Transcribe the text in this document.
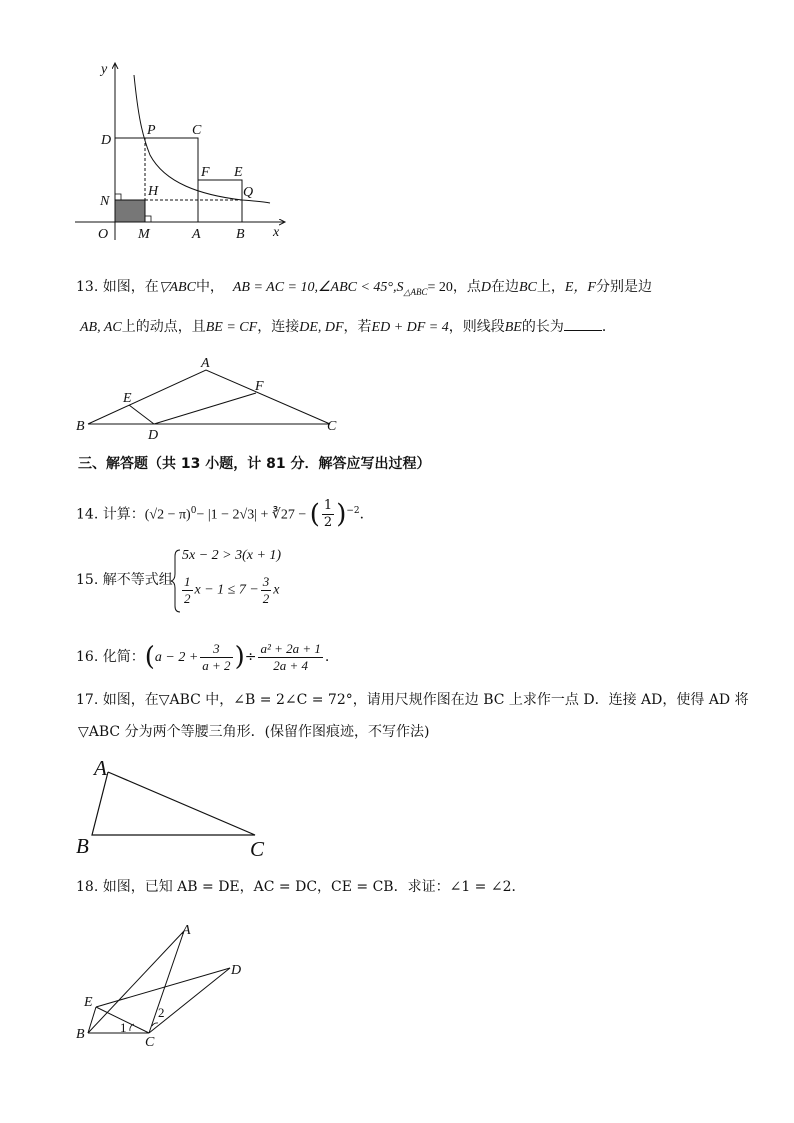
y
x
D
P	C
F E
Q
N
H
O M	A	B
13. 如图，在▽ABC中， AB = AC = 10,∠ABC < $45^\circ,S_{\triangle ABC}= 20$，点D在边BC上，E，F分别是边
AB, AC上的动点，且BE = CF，连接DE, DF，若ED + DF = 4，则线段BE的长为	．
A
E
F
B
D
C
三、解答题（共 13 小题，计 81 分．解答应写出过程）
14. 计算：$(√2 - \pi)^0- |1 - 2√3|$ + ∛27 − ( $\frac{1}{2} )^{-2}$．
15. 解不等式组
5x − 2 > 3(x + 1)
$\frac{1}{2}$ $x - 1 \le 7 - \frac{3}{2}$ x
16. 化简：($a - 2 + \frac{3}{a + 2}$ )÷ $\frac{\text{a² + 2a + 1}}{2a + 4}$ .
17. 如图，在▽ABC 中，∠B = 2∠C = 72°，请用尺规作图在边 BC 上求作一点 D．连接 AD，使得 AD 将
▽ABC 分为两个等腰三角形．(保留作图痕迹，不写作法)
A
B	C
18. 如图，已知 AB = DE，AC = DC，CE = CB．求证：∠1 = ∠2．
A
D
E
B
C
1
2
